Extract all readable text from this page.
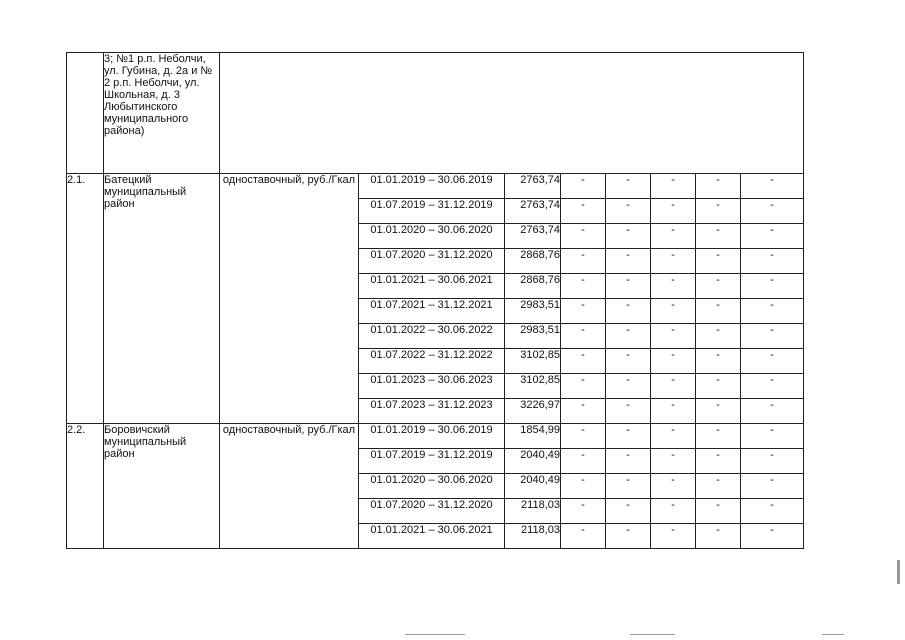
	3; №1 р.п. Неболчи, ул. Губина, д. 2а и № 2 р.п. Неболчи, ул. Школьная, д. 3 Любытинского муниципального района)								
2.1.	Батецкий муниципальный район	одноставочный, руб./Гкал	01.01.2019 – 30.06.2019	2763,74	-	-	-	-	-
			01.07.2019 – 31.12.2019	2763,74	-	-	-	-	-
			01.01.2020 – 30.06.2020	2763,74	-	-	-	-	-
			01.07.2020 – 31.12.2020	2868,76	-	-	-	-	-
			01.01.2021 – 30.06.2021	2868,76	-	-	-	-	-
			01.07.2021 – 31.12.2021	2983,51	-	-	-	-	-
			01.01.2022 – 30.06.2022	2983,51	-	-	-	-	-
			01.07.2022 – 31.12.2022	3102,85	-	-	-	-	-
			01.01.2023 – 30.06.2023	3102,85	-	-	-	-	-
			01.07.2023 – 31.12.2023	3226,97	-	-	-	-	-
2.2.	Боровичский муниципальный район	одноставочный, руб./Гкал	01.01.2019 – 30.06.2019	1854,99	-	-	-	-	-
			01.07.2019 – 31.12.2019	2040,49	-	-	-	-	-
			01.01.2020 – 30.06.2020	2040,49	-	-	-	-	-
			01.07.2020 – 31.12.2020	2118,03	-	-	-	-	-
			01.01.2021 – 30.06.2021	2118,03	-	-	-	-	-
